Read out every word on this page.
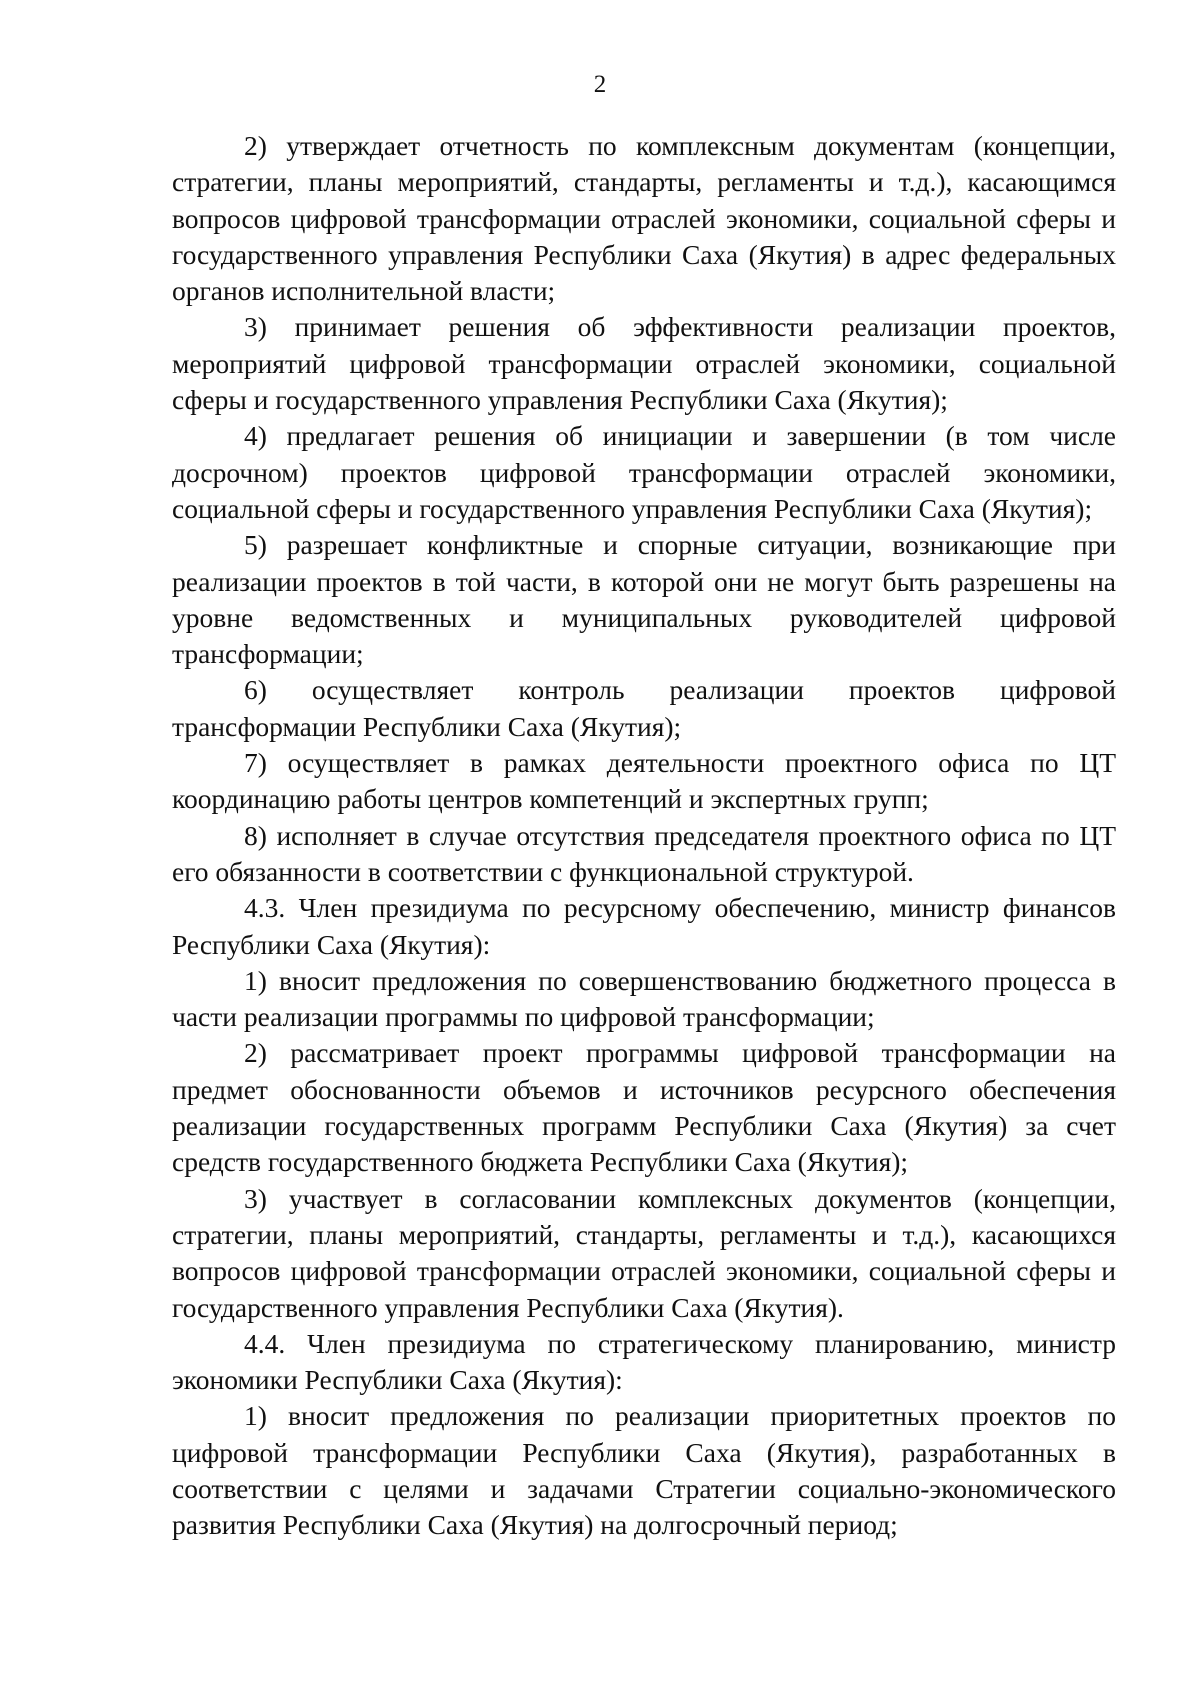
2

2) утверждает отчетность по комплексным документам (концепции, стратегии, планы мероприятий, стандарты, регламенты и т.д.), касающимся вопросов цифровой трансформации отраслей экономики, социальной сферы и государственного управления Республики Саха (Якутия) в адрес федеральных органов исполнительной власти;

3) принимает решения об эффективности реализации проектов, мероприятий цифровой трансформации отраслей экономики, социальной сферы и государственного управления Республики Саха (Якутия);

4) предлагает решения об инициации и завершении (в том числе досрочном) проектов цифровой трансформации отраслей экономики, социальной сферы и государственного управления Республики Саха (Якутия);

5) разрешает конфликтные и спорные ситуации, возникающие при реализации проектов в той части, в которой они не могут быть разрешены на уровне ведомственных и муниципальных руководителей цифровой трансформации;

6) осуществляет контроль реализации проектов цифровой трансформации Республики Саха (Якутия);

7) осуществляет в рамках деятельности проектного офиса по ЦТ координацию работы центров компетенций и экспертных групп;

8) исполняет в случае отсутствия председателя проектного офиса по ЦТ его обязанности в соответствии с функциональной структурой.

4.3. Член президиума по ресурсному обеспечению, министр финансов Республики Саха (Якутия):

1) вносит предложения по совершенствованию бюджетного процесса в части реализации программы по цифровой трансформации;

2) рассматривает проект программы цифровой трансформации на предмет обоснованности объемов и источников ресурсного обеспечения реализации государственных программ Республики Саха (Якутия) за счет средств государственного бюджета Республики Саха (Якутия);

3) участвует в согласовании комплексных документов (концепции, стратегии, планы мероприятий, стандарты, регламенты и т.д.), касающихся вопросов цифровой трансформации отраслей экономики, социальной сферы и государственного управления Республики Саха (Якутия).

4.4. Член президиума по стратегическому планированию, министр экономики Республики Саха (Якутия):

1) вносит предложения по реализации приоритетных проектов по цифровой трансформации Республики Саха (Якутия), разработанных в соответствии с целями и задачами Стратегии социально-экономического развития Республики Саха (Якутия) на долгосрочный период;
